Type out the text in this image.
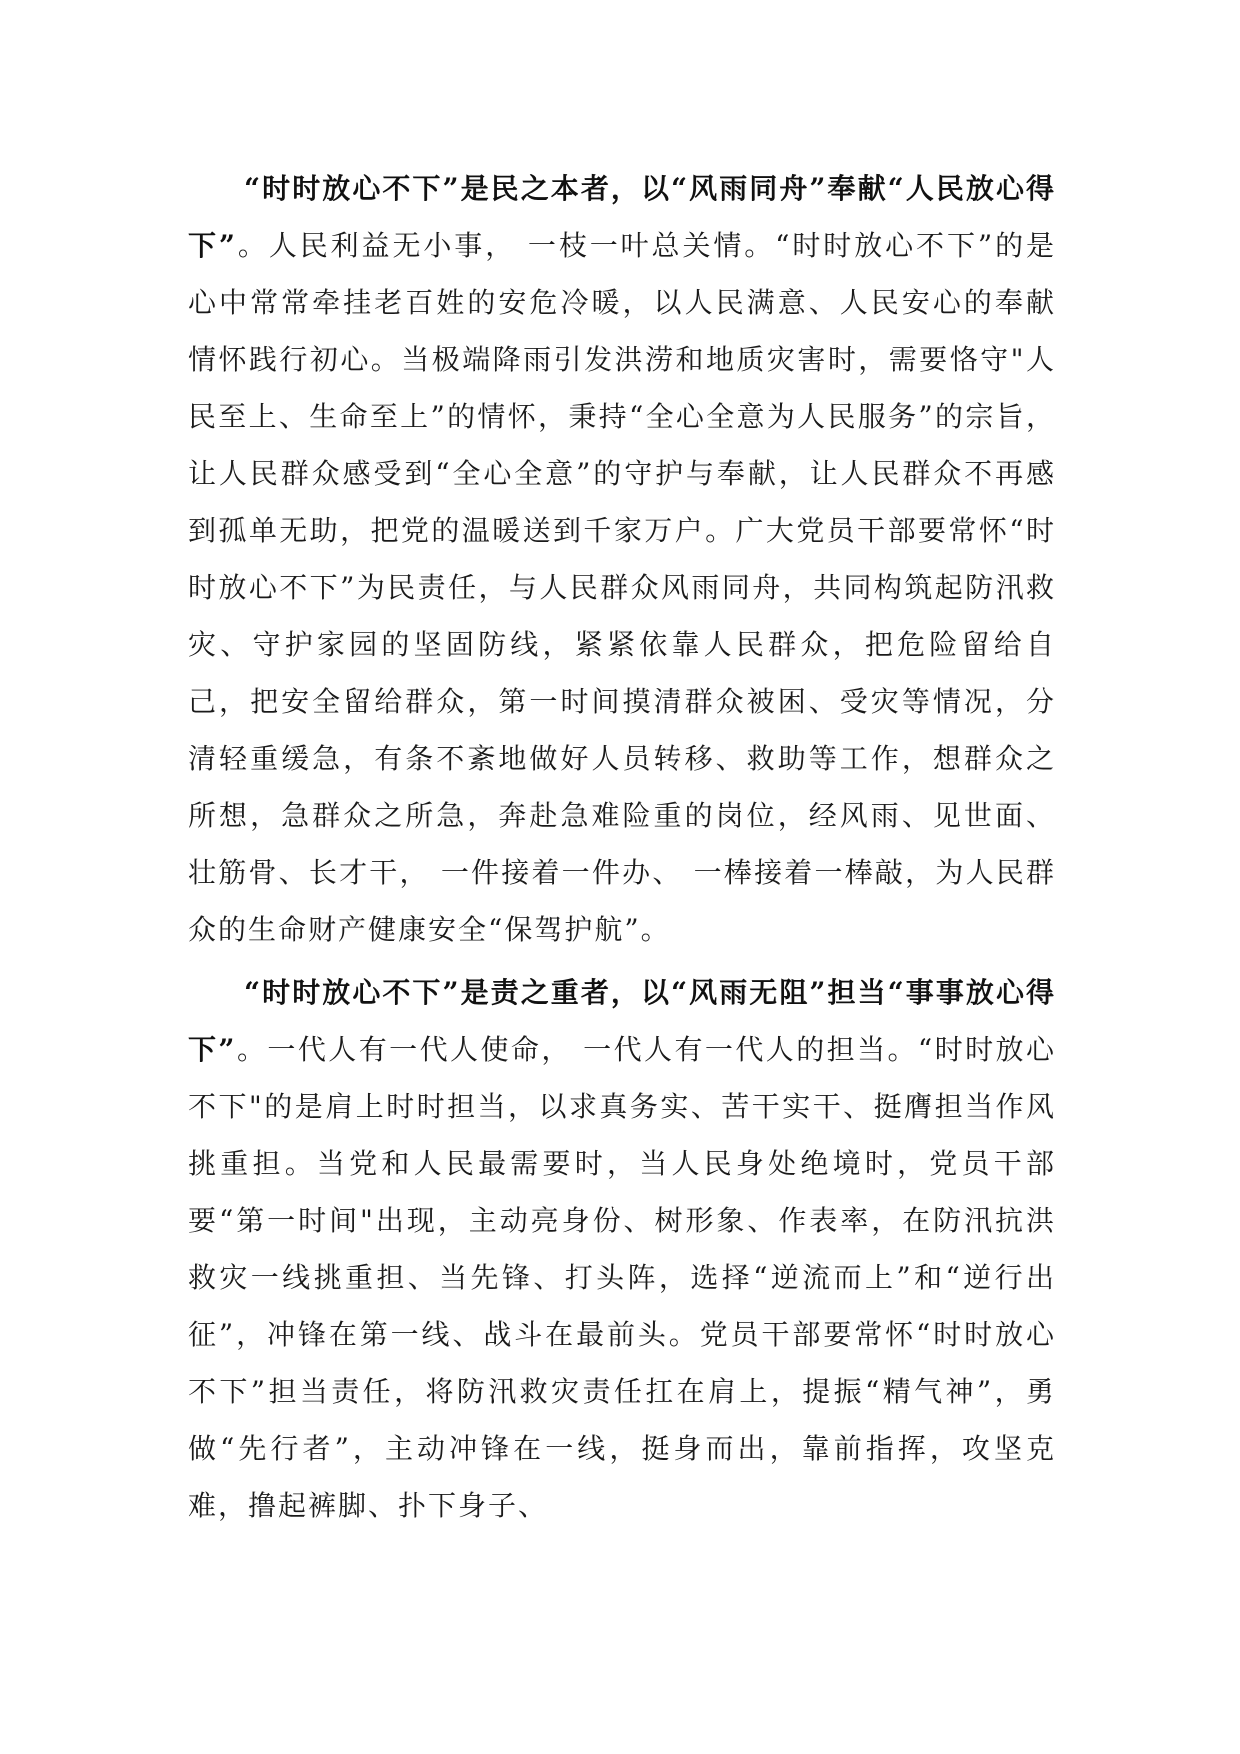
“时时放心不下”是民之本者，以“风雨同舟”奉献“人民放心得下”。人民利益无小事， 一枝一叶总关情。“时时放心不下”的是心中常常牵挂老百姓的安危冷暖，以人民满意、人民安心的奉献情怀践行初心。当极端降雨引发洪涝和地质灾害时，需要恪守"人民至上、生命至上”的情怀，秉持“全心全意为人民服务”的宗旨，让人民群众感受到“全心全意”的守护与奉献，让人民群众不再感到孤单无助，把党的温暖送到千家万户。广大党员干部要常怀“时时放心不下”为民责任，与人民群众风雨同舟，共同构筑起防汛救灾、守护家园的坚固防线，紧紧依靠人民群众，把危险留给自己，把安全留给群众，第一时间摸清群众被困、受灾等情况，分清轻重缓急，有条不紊地做好人员转移、救助等工作，想群众之所想，急群众之所急，奔赴急难险重的岗位，经风雨、见世面、壮筋骨、长才干， 一件接着一件办、 一棒接着一棒敲，为人民群众的生命财产健康安全“保驾护航”。

“时时放心不下”是责之重者，以“风雨无阻”担当“事事放心得下”。一代人有一代人使命， 一代人有一代人的担当。“时时放心不下"的是肩上时时担当，以求真务实、苦干实干、挺膺担当作风挑重担。当党和人民最需要时，当人民身处绝境时，党员干部要“第一时间"出现，主动亮身份、树形象、作表率，在防汛抗洪救灾一线挑重担、当先锋、打头阵，选择“逆流而上”和“逆行出征”，冲锋在第一线、战斗在最前头。党员干部要常怀“时时放心不下”担当责任，将防汛救灾责任扛在肩上，提振“精气神”，勇做“先行者”，主动冲锋在一线，挺身而出，靠前指挥，攻坚克难，撸起裤脚、扑下身子、
